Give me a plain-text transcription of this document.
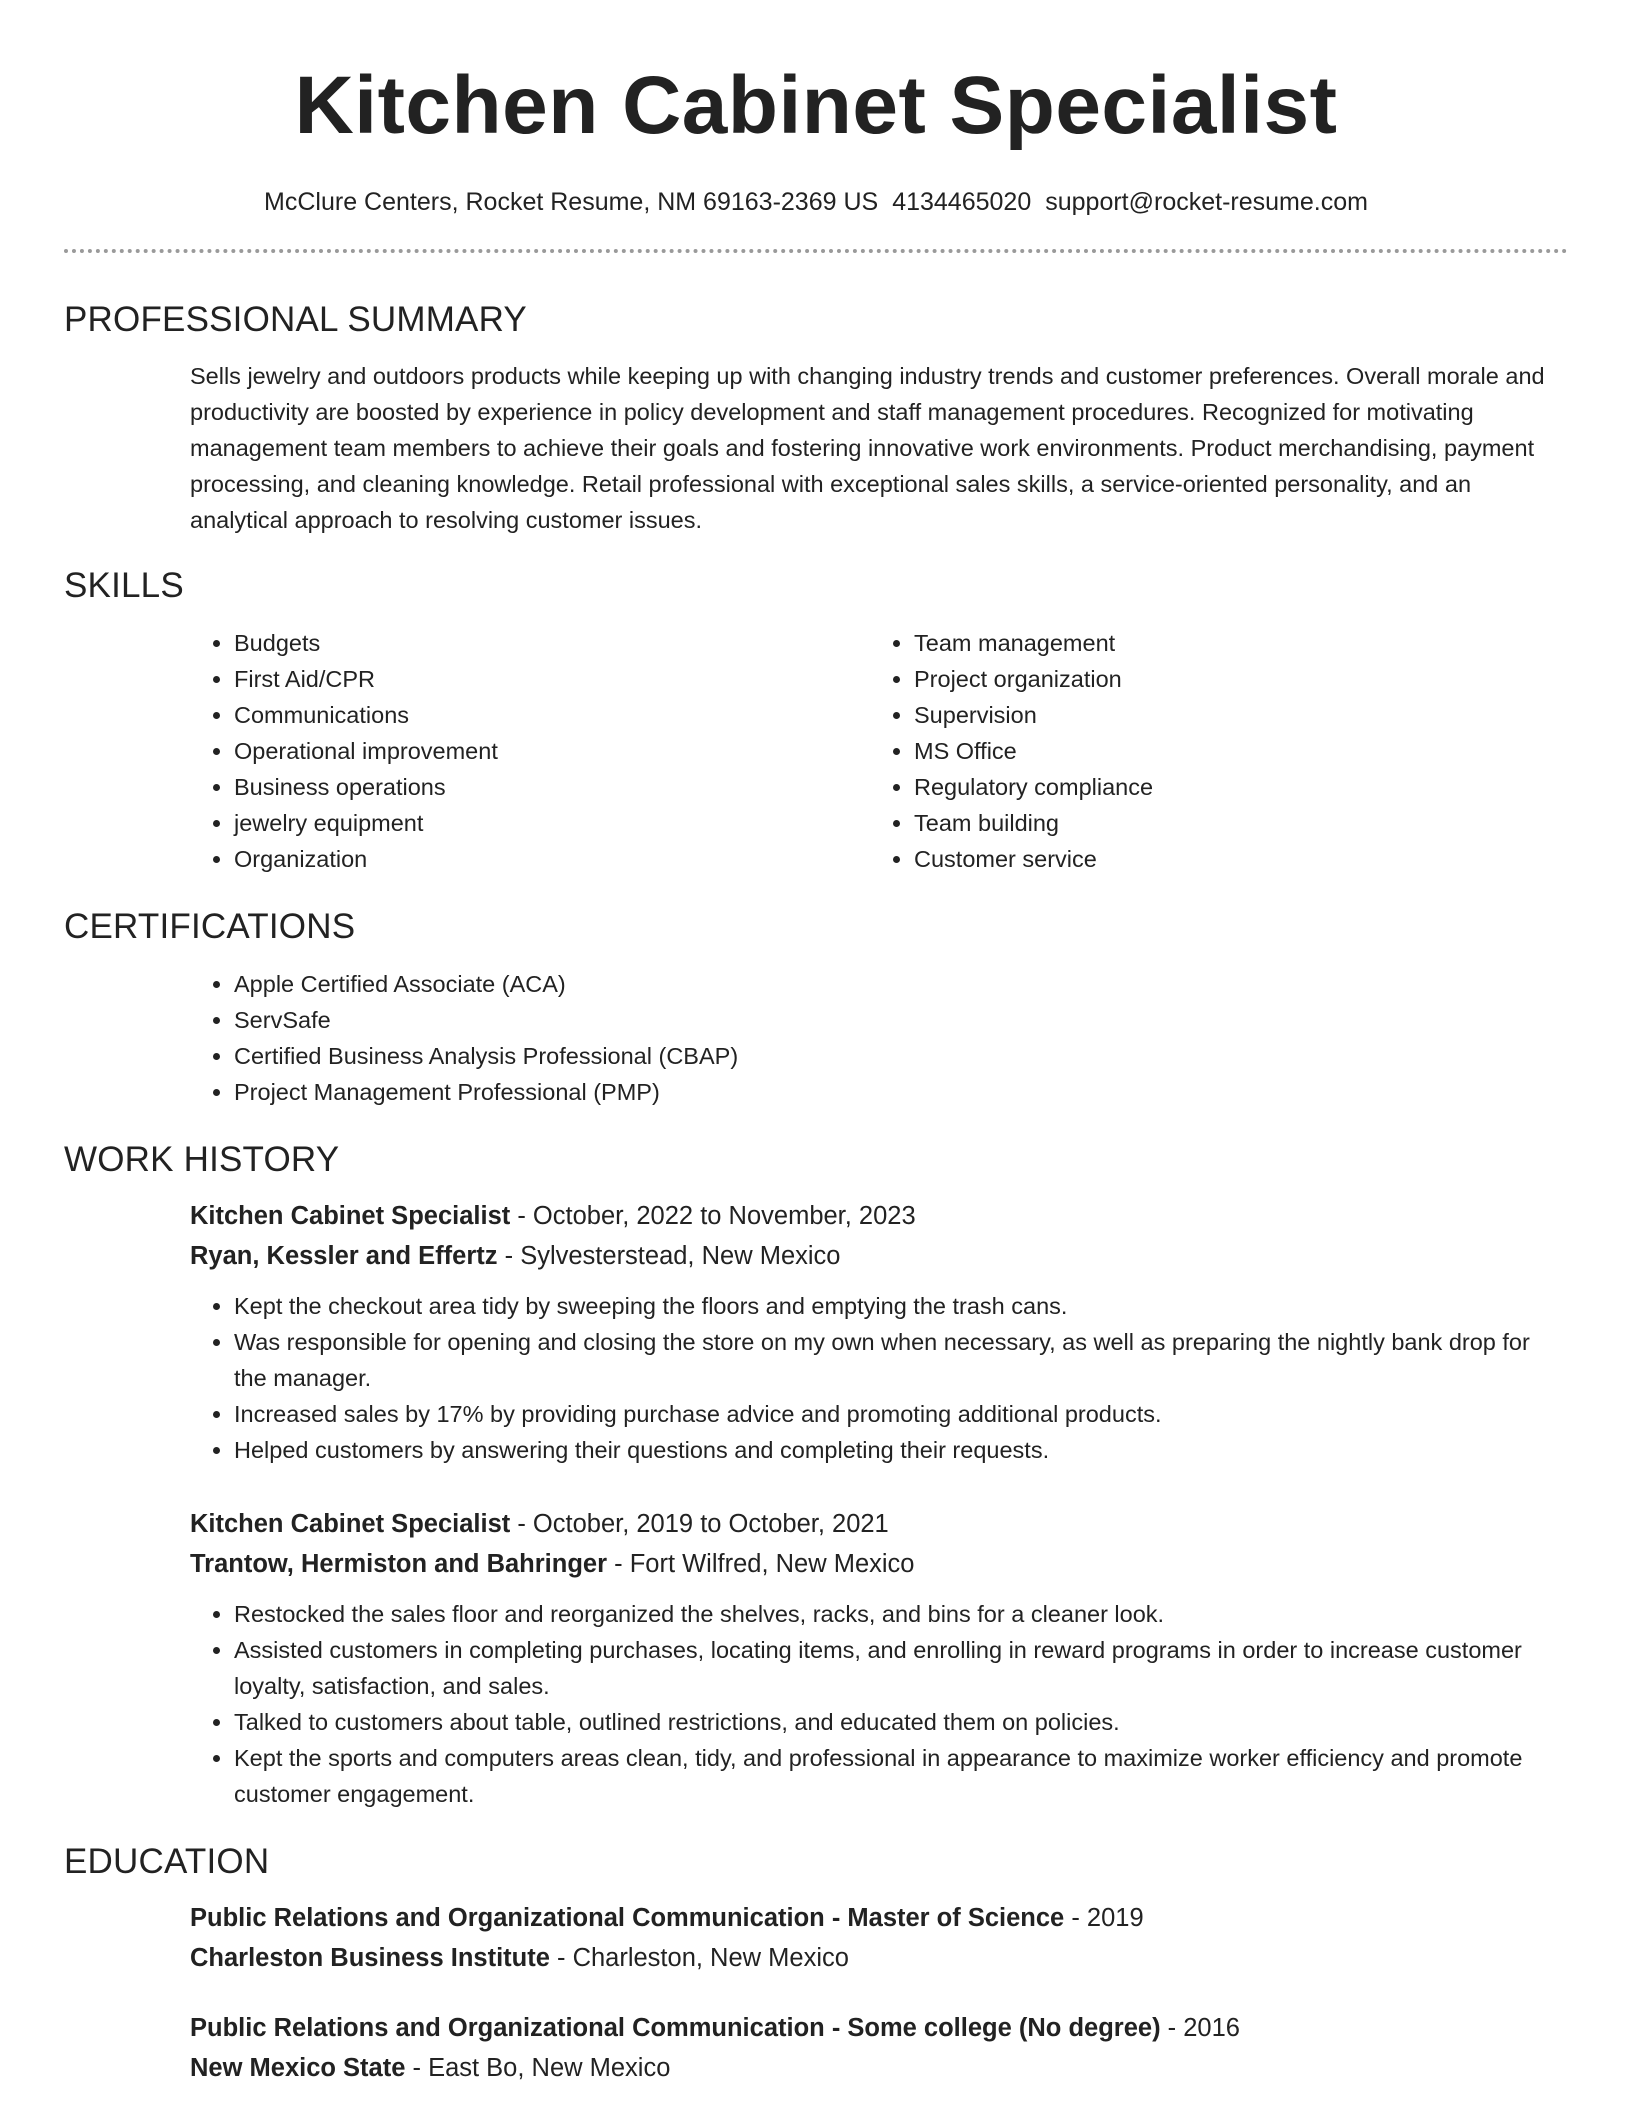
Kitchen Cabinet Specialist
McClure Centers, Rocket Resume, NM 69163-2369 US 4134465020 support@rocket-resume.com
PROFESSIONAL SUMMARY

Sells jewelry and outdoors products while keeping up with changing industry trends and customer preferences. Overall morale and productivity are boosted by experience in policy development and staff management procedures. Recognized for motivating management team members to achieve their goals and fostering innovative work environments. Product merchandising, payment processing, and cleaning knowledge. Retail professional with exceptional sales skills, a service-oriented personality, and an analytical approach to resolving customer issues.

SKILLS
• Budgets
• First Aid/CPR
• Communications
• Operational improvement
• Business operations
• jewelry equipment
• Organization
• Team management
• Project organization
• Supervision
• MS Office
• Regulatory compliance
• Team building
• Customer service
CERTIFICATIONS
• Apple Certified Associate (ACA)
• ServSafe
• Certified Business Analysis Professional (CBAP)
• Project Management Professional (PMP)
WORK HISTORY
Kitchen Cabinet Specialist - October, 2022 to November, 2023
Ryan, Kessler and Effertz - Sylvesterstead, New Mexico
• Kept the checkout area tidy by sweeping the floors and emptying the trash cans.
• Was responsible for opening and closing the store on my own when necessary, as well as preparing the nightly bank drop for the manager.
• Increased sales by 17% by providing purchase advice and promoting additional products.
• Helped customers by answering their questions and completing their requests.
Kitchen Cabinet Specialist - October, 2019 to October, 2021
Trantow, Hermiston and Bahringer - Fort Wilfred, New Mexico
• Restocked the sales floor and reorganized the shelves, racks, and bins for a cleaner look.
• Assisted customers in completing purchases, locating items, and enrolling in reward programs in order to increase customer loyalty, satisfaction, and sales.
• Talked to customers about table, outlined restrictions, and educated them on policies.
• Kept the sports and computers areas clean, tidy, and professional in appearance to maximize worker efficiency and promote customer engagement.
EDUCATION
Public Relations and Organizational Communication - Master of Science - 2019
Charleston Business Institute - Charleston, New Mexico
Public Relations and Organizational Communication - Some college (No degree) - 2016
New Mexico State - East Bo, New Mexico
